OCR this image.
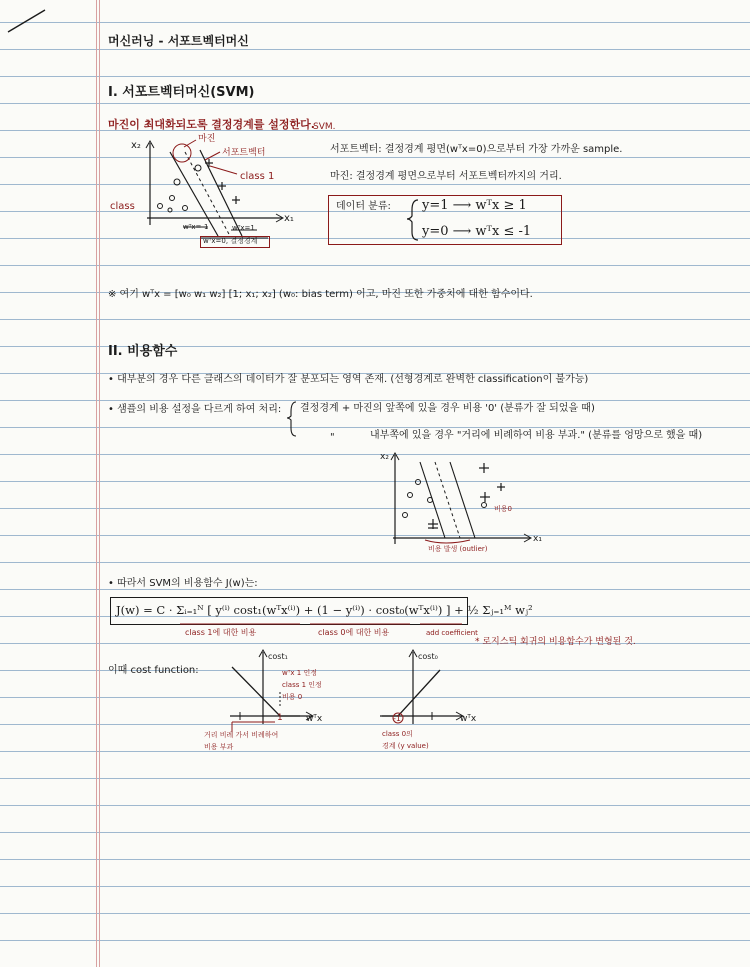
머신러닝 - 서포트벡터머신
I. 서포트벡터머신(SVM)
마진이 최대화되도록 결정경계를 설정한다.
SVM.
마진
서포트벡터
class 1
class
x₂
x₁
wᵀx=-1	wᵀx=1
wᵀx=0, 결정경계
서포트벡터: 결정경계 평면(wᵀx=0)으로부터 가장 가까운 sample.
마진: 결정경계 평면으로부터 서포트벡터까지의 거리.
데이터 분류: y=1 ⟶ wᵀx ≥ 1
y=0 ⟶ wᵀx ≤ -1
※ 여기 wᵀx = [w₀ w₁ w₂] [1; x₁; x₂] (w₀: bias term) 이고, 마진 또한 가중치에 대한 함수이다.
II. 비용함수
• 대부분의 경우 다른 클래스의 데이터가 잘 분포되는 영역 존재. (선형경계로 완벽한 classification이 불가능)
• 샘플의 비용 설정을 다르게 하여 처리: 결정경계 + 마진의 앞쪽에 있을 경우 비용 '0' (분류가 잘 되었을 때)
"	내부쪽에 있을 경우 "거리에 비례하여 비용 부과." (분류를 엉망으로 했을 때)
x₂
x₁
비용 발생 (outlier)
비용0
• 따라서 SVM의 비용함수 J(w)는:
J(w) = C · Σᵢ₌₁ᴺ [ y⁽ⁱ⁾ cost₁(wᵀx⁽ⁱ⁾) + (1 − y⁽ⁱ⁾) · cost₀(wᵀx⁽ⁱ⁾) ] + ½ Σⱼ₌₁ᴹ wⱼ²
class 1에 대한 비용	class 0에 대한 비용	add coefficient
* 로지스틱 회귀의 비용함수가 변형된 것.
이때 cost function:
cost₁
wᵀx 1 인정
class 1 인정
비용 0
wᵀx
1
거리 비례 가서 비례하여
비용 부과
cost₀
wᵀx
-1
class 0의
경계 (y value)
